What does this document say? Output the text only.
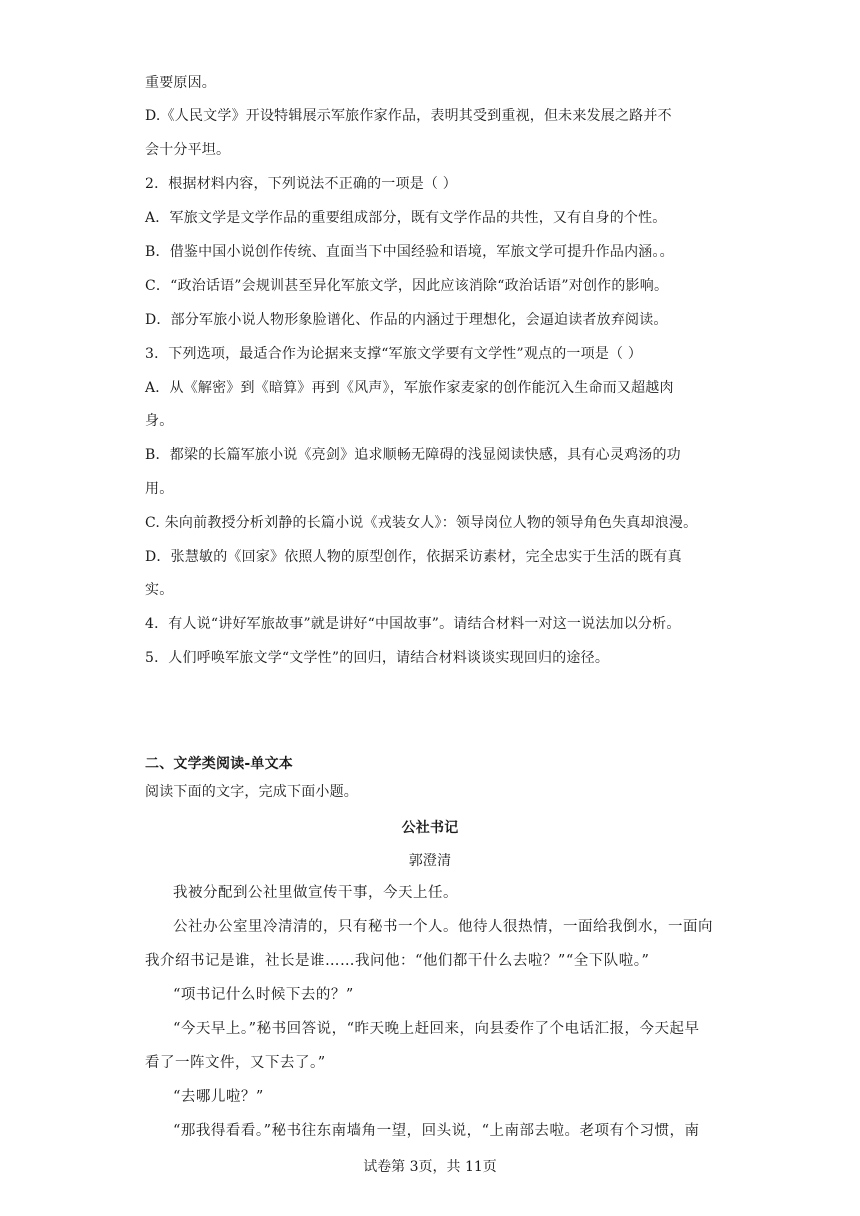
重要原因。
D.《人民文学》开设特辑展示军旅作家作品，表明其受到重视，但未来发展之路并不
会十分平坦。
2．根据材料内容，下列说法不正确的一项是（ ）
A．军旅文学是文学作品的重要组成部分，既有文学作品的共性，又有自身的个性。
B．借鉴中国小说创作传统、直面当下中国经验和语境，军旅文学可提升作品内涵。。
C．“政治话语”会规训甚至异化军旅文学，因此应该消除“政治话语”对创作的影响。
D．部分军旅小说人物形象脸谱化、作品的内涵过于理想化，会逼迫读者放弃阅读。
3．下列选项，最适合作为论据来支撑“军旅文学要有文学性”观点的一项是（ ）
A．从《解密》到《暗算》再到《风声》，军旅作家麦家的创作能沉入生命而又超越肉
身。
B．都梁的长篇军旅小说《亮剑》追求顺畅无障碍的浅显阅读快感，具有心灵鸡汤的功
用。
C. 朱向前教授分析刘静的长篇小说《戎装女人》：领导岗位人物的领导角色失真却浪漫。
D．张慧敏的《回家》依照人物的原型创作，依据采访素材，完全忠实于生活的既有真
实。
4．有人说“讲好军旅故事”就是讲好“中国故事”。请结合材料一对这一说法加以分析。
5．人们呼唤军旅文学“文学性”的回归，请结合材料谈谈实现回归的途径。
二、文学类阅读-单文本
阅读下面的文字，完成下面小题。
公社书记
郭澄清
我被分配到公社里做宣传干事，今天上任。
公社办公室里冷清清的，只有秘书一个人。他待人很热情，一面给我倒水，一面向
我介绍书记是谁，社长是谁……我问他：“他们都干什么去啦？”“全下队啦。”
“项书记什么时候下去的？”
“今天早上。”秘书回答说，“昨天晚上赶回来，向县委作了个电话汇报，今天起早
看了一阵文件，又下去了。”
“去哪儿啦？”
“那我得看看。”秘书往东南墙角一望，回头说，“上南部去啦。老项有个习惯，南
试卷第 3页，共 11页
